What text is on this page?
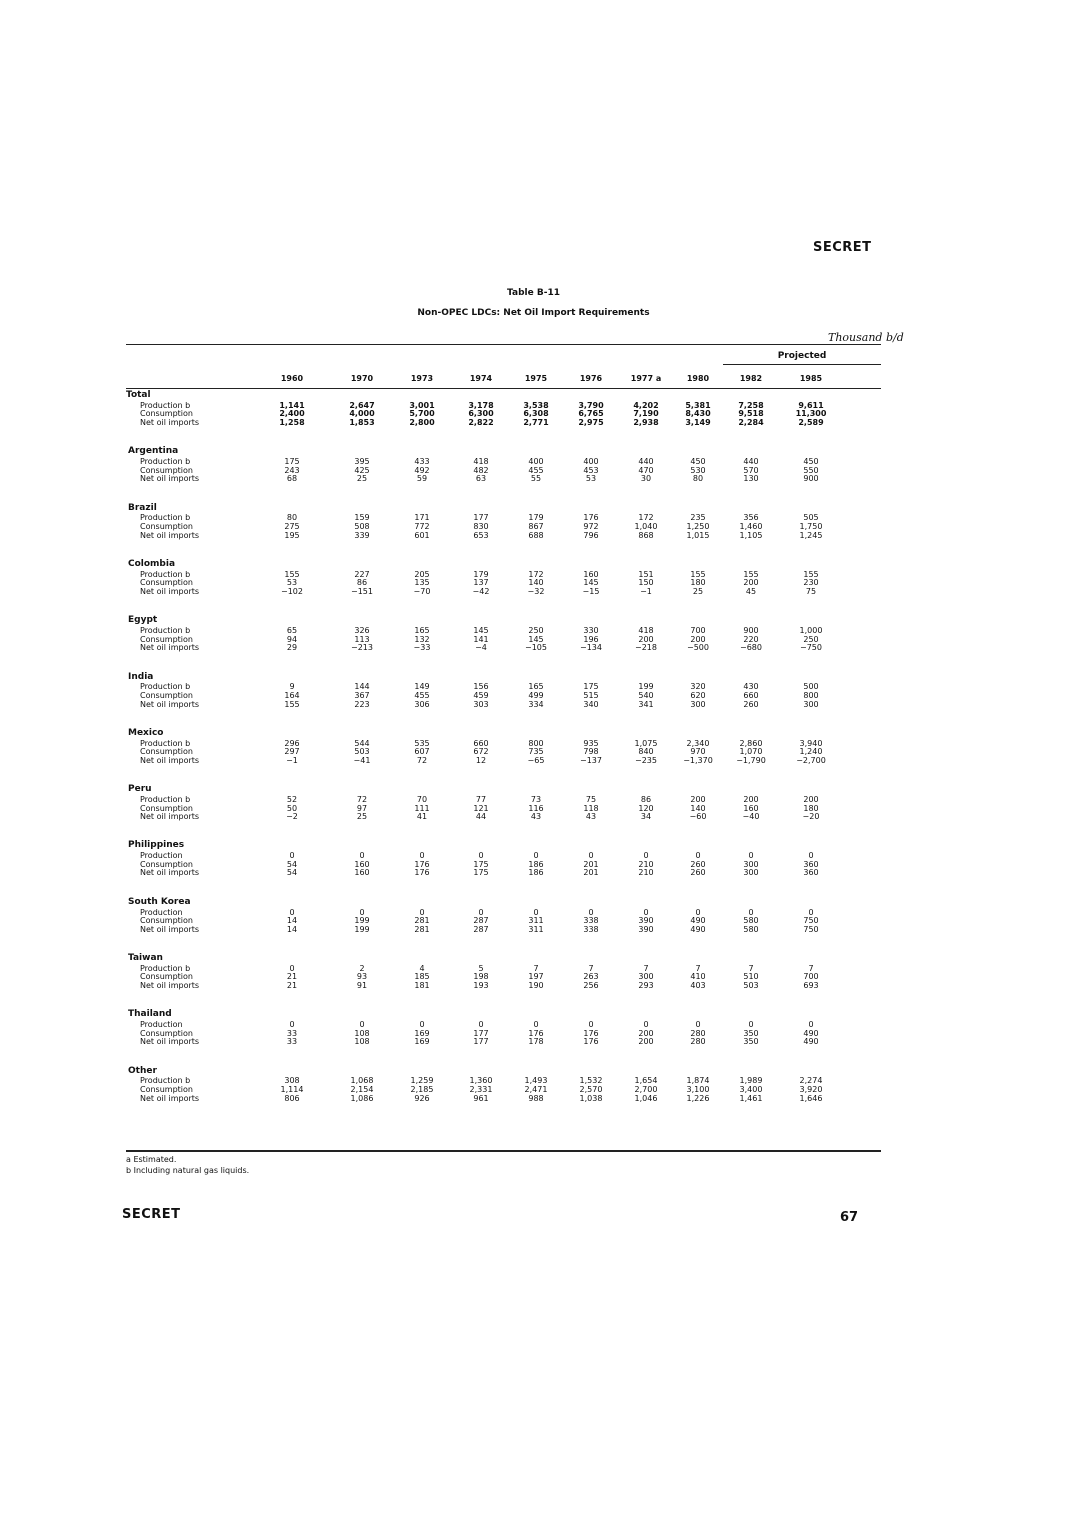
SECRET
Table B-11
Non-OPEC LDCs: Net Oil Import Requirements
Thousand b/d
Projected
1960	1970	1973	1974	1975	1976	1977 a	1980	1982	1985
Total
Production b	1,141	2,647	3,001	3,178	3,538	3,790	4,202	5,381	7,258	9,611
Consumption	2,400	4,000	5,700	6,300	6,308	6,765	7,190	8,430	9,518	11,300
Net oil imports	1,258	1,853	2,800	2,822	2,771	2,975	2,938	3,149	2,284	2,589
Argentina
Production b	175	395	433	418	400	400	440	450	440	450
Consumption	243	425	492	482	455	453	470	530	570	550
Net oil imports	68	25	59	63	55	53	30	80	130	900
Brazil
Production b	80	159	171	177	179	176	172	235	356	505
Consumption	275	508	772	830	867	972	1,040	1,250	1,460	1,750
Net oil imports	195	339	601	653	688	796	868	1,015	1,105	1,245
Colombia
Production b	155	227	205	179	172	160	151	155	155	155
Consumption	53	86	135	137	140	145	150	180	200	230
Net oil imports	−102	−151	−70	−42	−32	−15	−1	25	45	75
Egypt
Production b	65	326	165	145	250	330	418	700	900	1,000
Consumption	94	113	132	141	145	196	200	200	220	250
Net oil imports	29	−213	−33	−4	−105	−134	−218	−500	−680	−750
India
Production b	9	144	149	156	165	175	199	320	430	500
Consumption	164	367	455	459	499	515	540	620	660	800
Net oil imports	155	223	306	303	334	340	341	300	260	300
Mexico
Production b	296	544	535	660	800	935	1,075	2,340	2,860	3,940
Consumption	297	503	607	672	735	798	840	970	1,070	1,240
Net oil imports	−1	−41	72	12	−65	−137	−235	−1,370	−1,790	−2,700
Peru
Production b	52	72	70	77	73	75	86	200	200	200
Consumption	50	97	111	121	116	118	120	140	160	180
Net oil imports	−2	25	41	44	43	43	34	−60	−40	−20
Philippines
Production	0	0	0	0	0	0	0	0	0	0
Consumption	54	160	176	175	186	201	210	260	300	360
Net oil imports	54	160	176	175	186	201	210	260	300	360
South Korea
Production	0	0	0	0	0	0	0	0	0	0
Consumption	14	199	281	287	311	338	390	490	580	750
Net oil imports	14	199	281	287	311	338	390	490	580	750
Taiwan
Production b	0	2	4	5	7	7	7	7	7	7
Consumption	21	93	185	198	197	263	300	410	510	700
Net oil imports	21	91	181	193	190	256	293	403	503	693
Thailand
Production	0	0	0	0	0	0	0	0	0	0
Consumption	33	108	169	177	176	176	200	280	350	490
Net oil imports	33	108	169	177	178	176	200	280	350	490
Other
Production b	308	1,068	1,259	1,360	1,493	1,532	1,654	1,874	1,989	2,274
Consumption	1,114	2,154	2,185	2,331	2,471	2,570	2,700	3,100	3,400	3,920
Net oil imports	806	1,086	926	961	988	1,038	1,046	1,226	1,461	1,646
a Estimated.
b Including natural gas liquids.
SECRET	67
